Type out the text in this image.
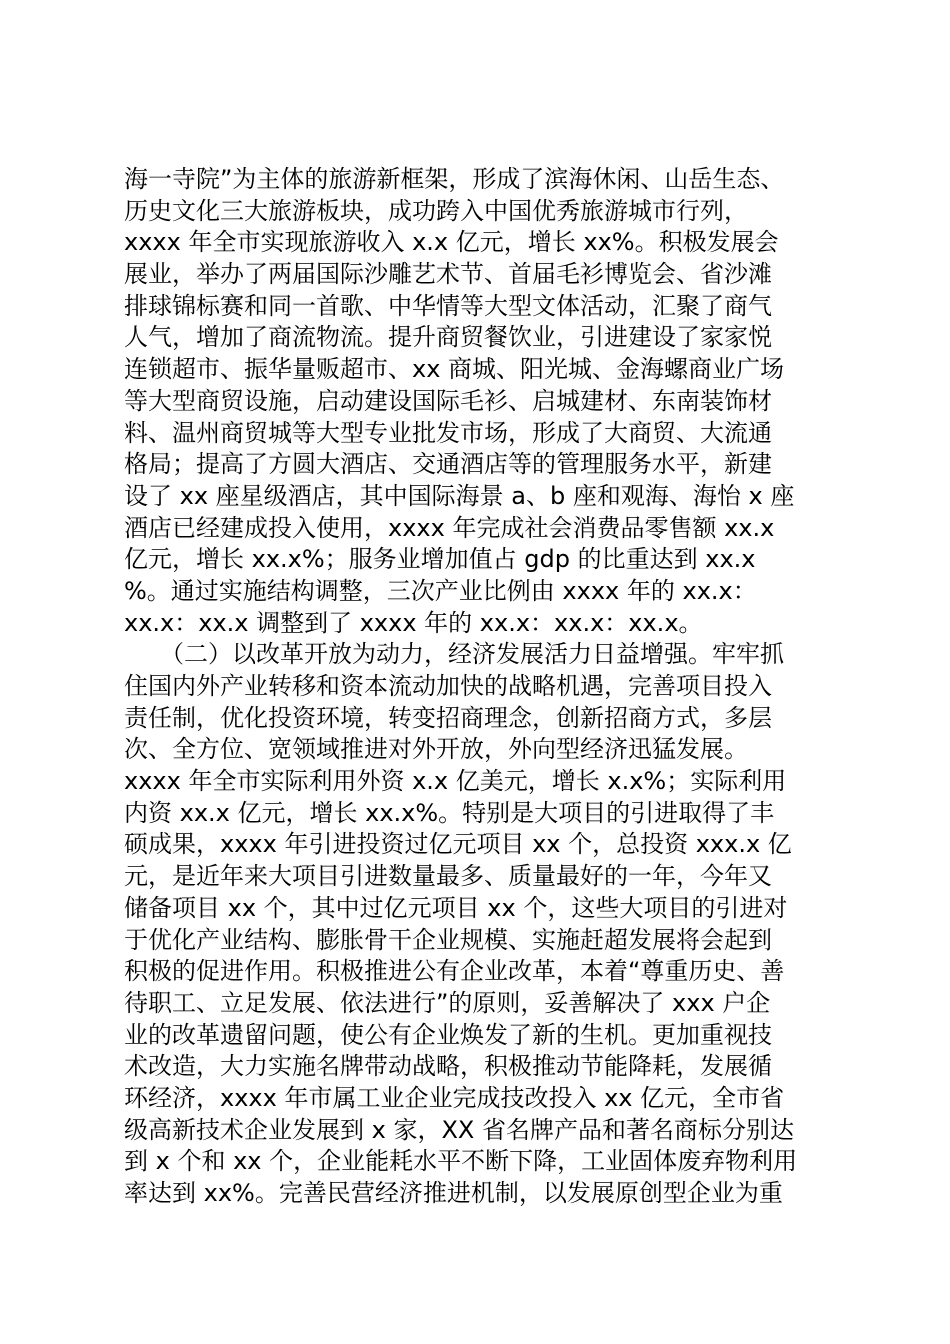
海一寺院”为主体的旅游新框架，形成了滨海休闲、山岳生态、
历史文化三大旅游板块，成功跨入中国优秀旅游城市行列，
xxxx 年全市实现旅游收入 x.x 亿元，增长 xx%。积极发展会
展业，举办了两届国际沙雕艺术节、首届毛衫博览会、省沙滩
排球锦标赛和同一首歌、中华情等大型文体活动，汇聚了商气
人气，增加了商流物流。提升商贸餐饮业，引进建设了家家悦
连锁超市、振华量贩超市、xx 商城、阳光城、金海螺商业广场
等大型商贸设施，启动建设国际毛衫、启城建材、东南装饰材
料、温州商贸城等大型专业批发市场，形成了大商贸、大流通
格局；提高了方圆大酒店、交通酒店等的管理服务水平，新建
设了 xx 座星级酒店，其中国际海景 a、b 座和观海、海怡 x 座
酒店已经建成投入使用，xxxx 年完成社会消费品零售额 xx.x
亿元，增长 xx.x%；服务业增加值占 gdp 的比重达到 xx.x
%。通过实施结构调整，三次产业比例由 xxxx 年的 xx.x：
xx.x：xx.x 调整到了 xxxx 年的 xx.x：xx.x：xx.x。
　　（二）以改革开放为动力，经济发展活力日益增强。牢牢抓
住国内外产业转移和资本流动加快的战略机遇，完善项目投入
责任制，优化投资环境，转变招商理念，创新招商方式，多层
次、全方位、宽领域推进对外开放，外向型经济迅猛发展。
xxxx 年全市实际利用外资 x.x 亿美元，增长 x.x%；实际利用
内资 xx.x 亿元，增长 xx.x%。特别是大项目的引进取得了丰
硕成果，xxxx 年引进投资过亿元项目 xx 个，总投资 xxx.x 亿
元，是近年来大项目引进数量最多、质量最好的一年，今年又
储备项目 xx 个，其中过亿元项目 xx 个，这些大项目的引进对
于优化产业结构、膨胀骨干企业规模、实施赶超发展将会起到
积极的促进作用。积极推进公有企业改革，本着“尊重历史、善
待职工、立足发展、依法进行”的原则，妥善解决了 xxx 户企
业的改革遗留问题，使公有企业焕发了新的生机。更加重视技
术改造，大力实施名牌带动战略，积极推动节能降耗，发展循
环经济，xxxx 年市属工业企业完成技改投入 xx 亿元，全市省
级高新技术企业发展到 x 家，XX 省名牌产品和著名商标分别达
到 x 个和 xx 个，企业能耗水平不断下降，工业固体废弃物利用
率达到 xx%。完善民营经济推进机制，以发展原创型企业为重
